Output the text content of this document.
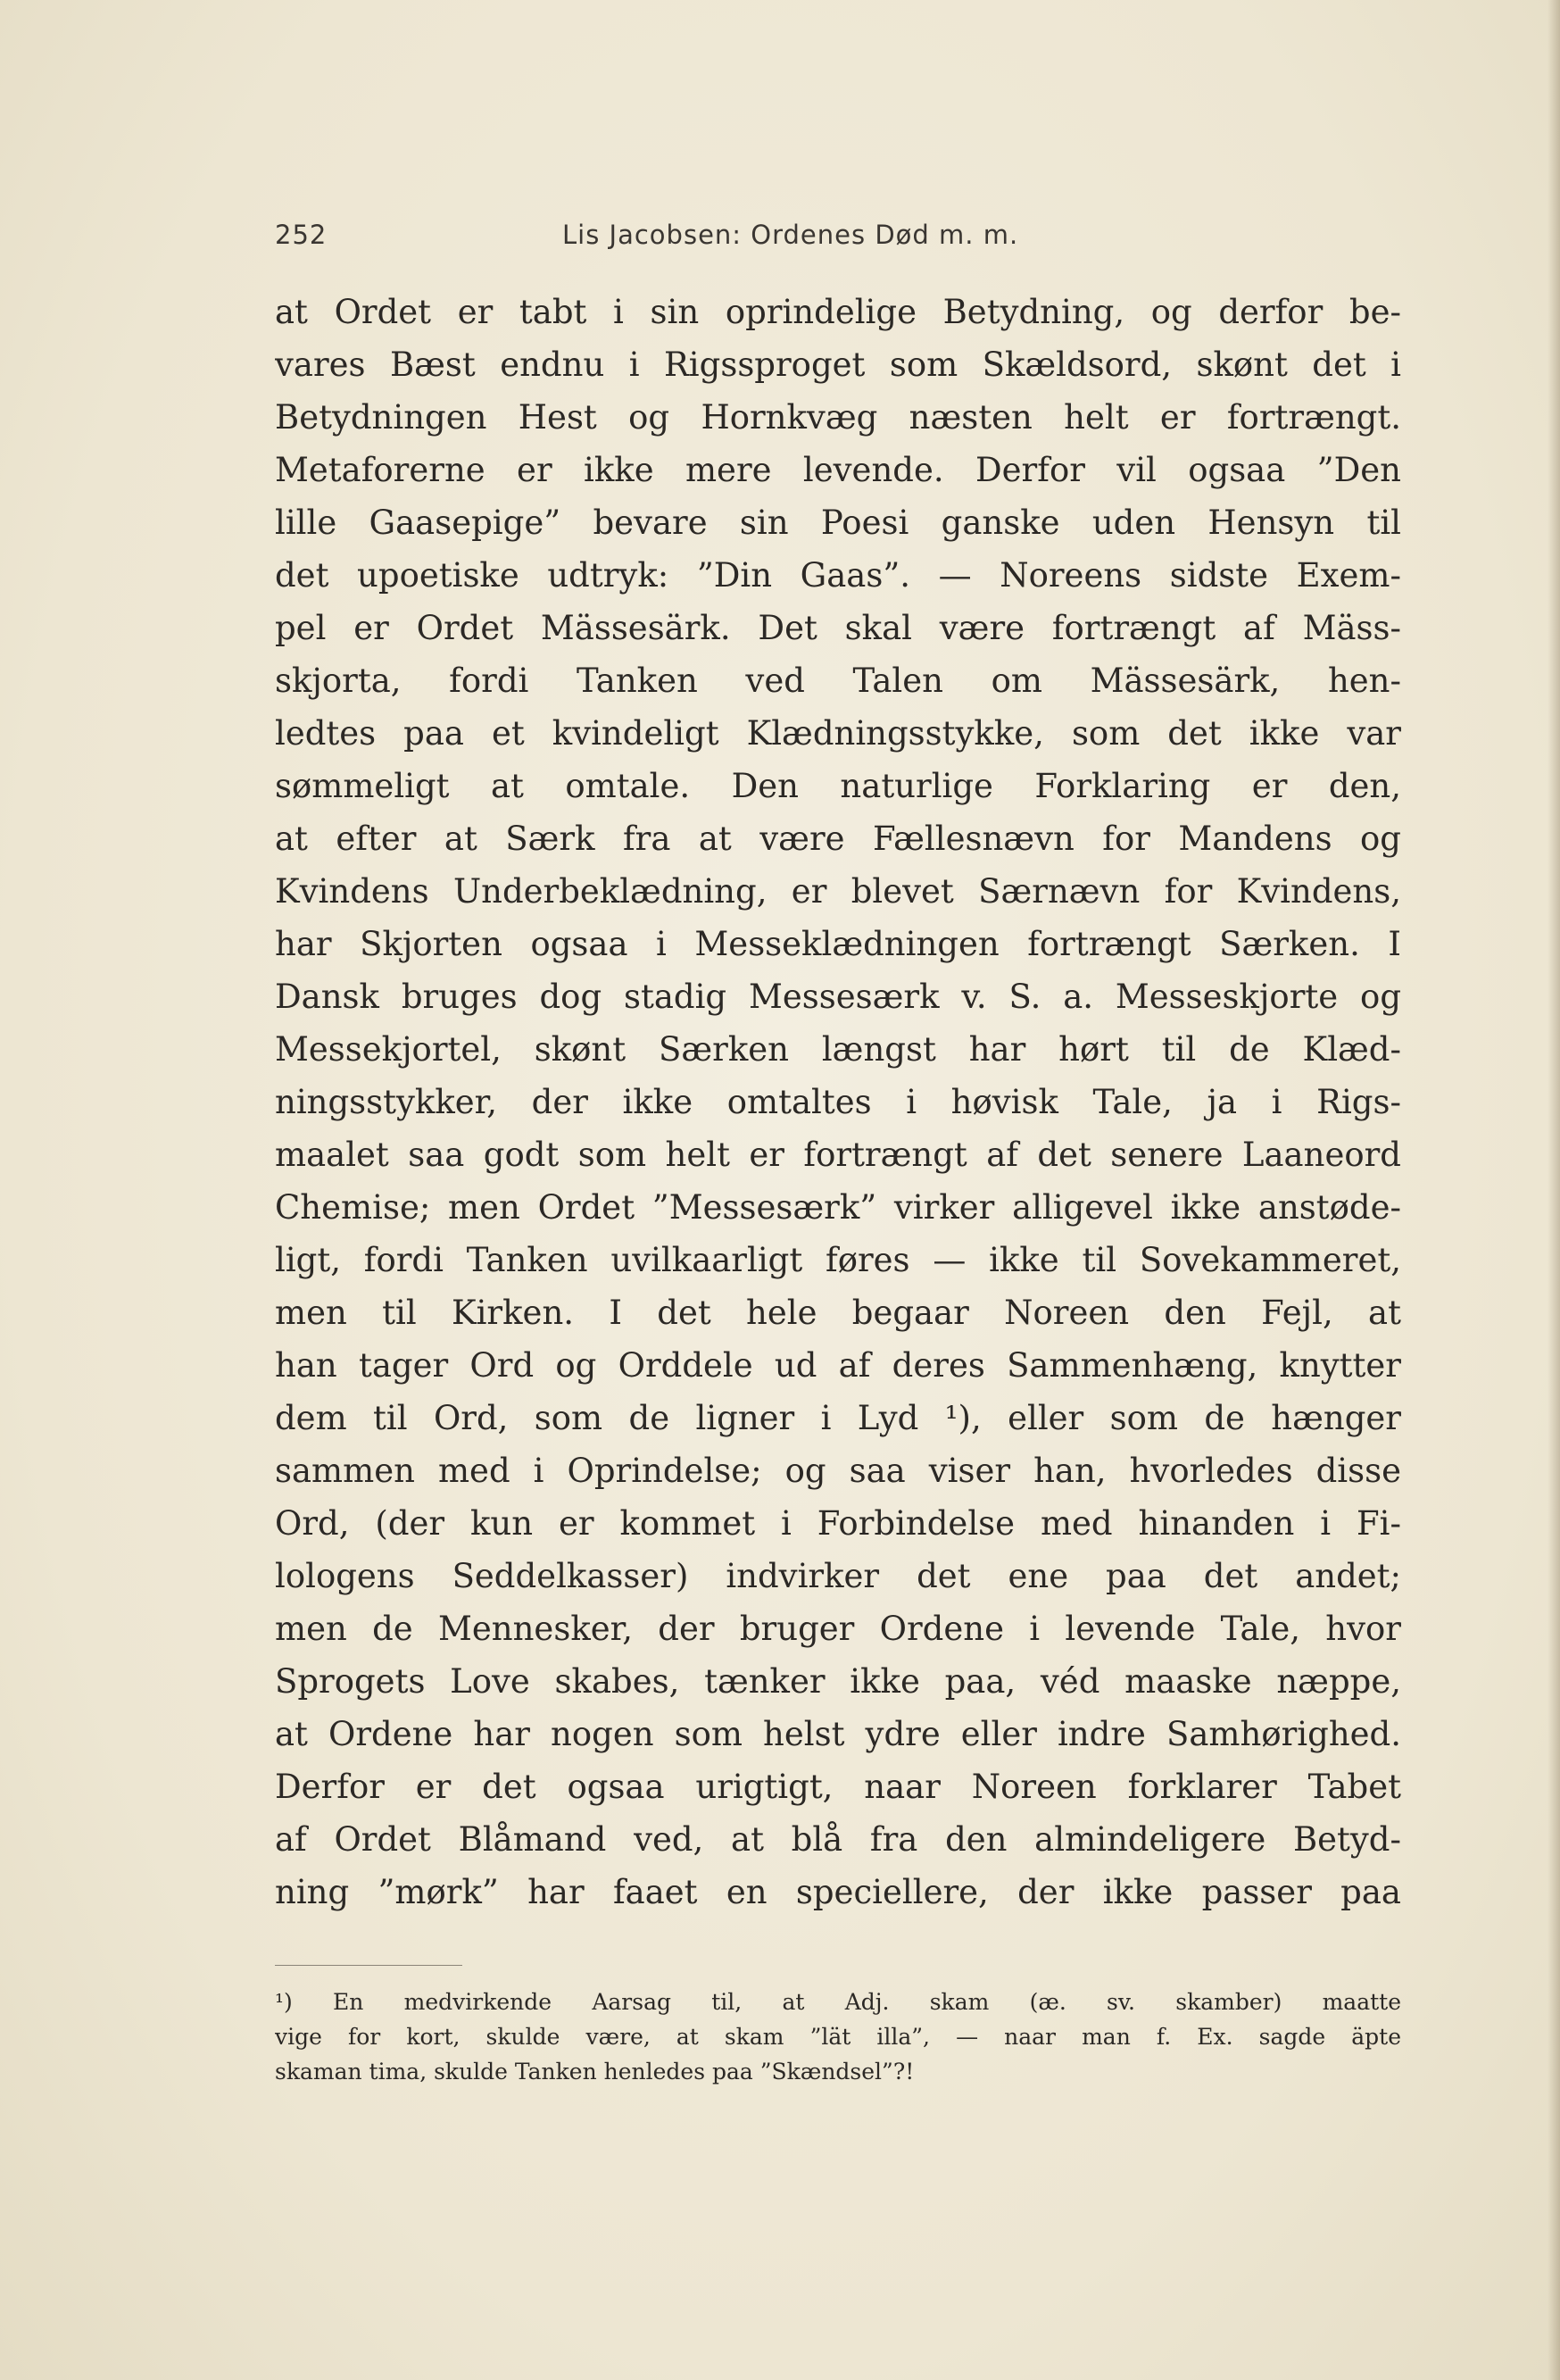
252	Lis Jacobsen: Ordenes Død m. m.
at Ordet er tabt i sin oprindelige Betydning, og derfor be-
vares Bæst endnu i Rigssproget som Skældsord, skønt det i
Betydningen Hest og Hornkvæg næsten helt er fortrængt.
Metaforerne er ikke mere levende. Derfor vil ogsaa ”Den
lille Gaasepige” bevare sin Poesi ganske uden Hensyn til
det upoetiske udtryk: ”Din Gaas”. — Noreens sidste Exem-
pel er Ordet Mässesärk. Det skal være fortrængt af Mäss-
skjorta, fordi Tanken ved Talen om Mässesärk, hen-
ledtes paa et kvindeligt Klædningsstykke, som det ikke var
sømmeligt at omtale. Den naturlige Forklaring er den,
at efter at Særk fra at være Fællesnævn for Mandens og
Kvindens Underbeklædning, er blevet Særnævn for Kvindens,
har Skjorten ogsaa i Messeklædningen fortrængt Særken. I
Dansk bruges dog stadig Messesærk v. S. a. Messeskjorte og
Messekjortel, skønt Særken længst har hørt til de Klæd-
ningsstykker, der ikke omtaltes i høvisk Tale, ja i Rigs-
maalet saa godt som helt er fortrængt af det senere Laaneord
Chemise; men Ordet ”Messesærk” virker alligevel ikke anstøde-
ligt, fordi Tanken uvilkaarligt føres — ikke til Sovekammeret,
men til Kirken. I det hele begaar Noreen den Fejl, at
han tager Ord og Orddele ud af deres Sammenhæng, knytter
dem til Ord, som de ligner i Lyd ¹), eller som de hænger
sammen med i Oprindelse; og saa viser han, hvorledes disse
Ord, (der kun er kommet i Forbindelse med hinanden i Fi-
lologens Seddelkasser) indvirker det ene paa det andet;
men de Mennesker, der bruger Ordene i levende Tale, hvor
Sprogets Love skabes, tænker ikke paa, véd maaske næppe,
at Ordene har nogen som helst ydre eller indre Samhørighed.
Derfor er det ogsaa urigtigt, naar Noreen forklarer Tabet
af Ordet Blåmand ved, at blå fra den almindeligere Betyd-
ning ”mørk” har faaet en speciellere, der ikke passer paa
¹) En medvirkende Aarsag til, at Adj. skam (æ. sv. skamber) maatte
vige for kort, skulde være, at skam ”lät illa”, — naar man f. Ex. sagde äpte
skaman tima, skulde Tanken henledes paa ”Skændsel”?!
